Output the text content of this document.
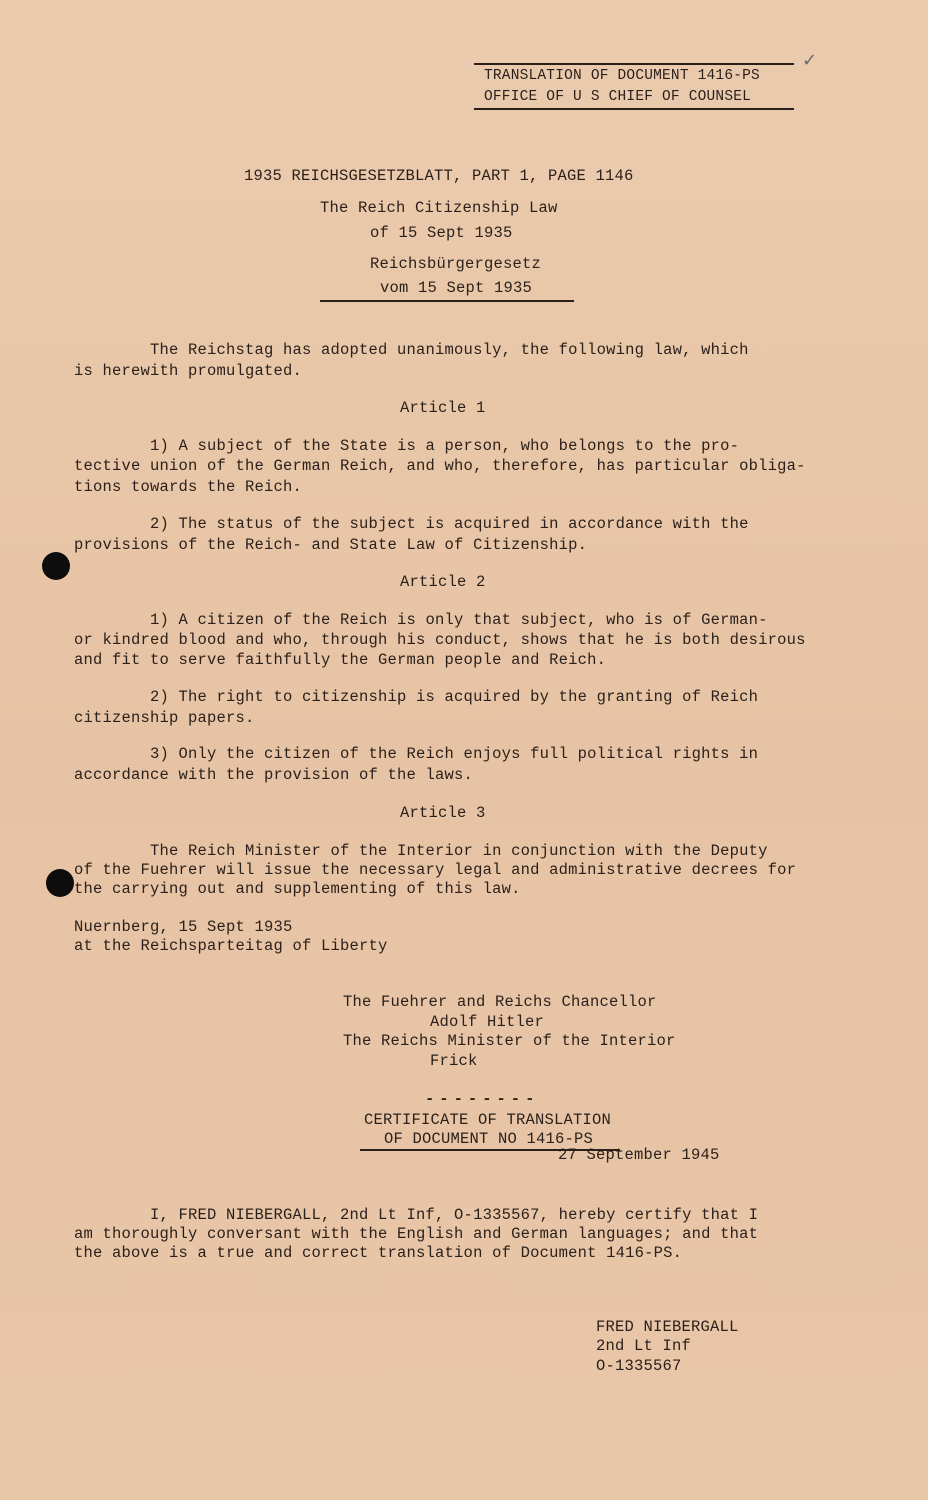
TRANSLATION OF DOCUMENT 1416-PS
OFFICE OF U S CHIEF OF COUNSEL
✓
1935 REICHSGESETZBLATT, PART 1, PAGE 1146
The Reich Citizenship Law
of 15 Sept 1935
Reichsbürgergesetz
vom 15 Sept 1935
The Reichstag has adopted unanimously, the following law, which
is herewith promulgated.
Article 1
1) A subject of the State is a person, who belongs to the pro-
tective union of the German Reich, and who, therefore, has particular obliga-
tions towards the Reich.
2) The status of the subject is acquired in accordance with the
provisions of the Reich- and State Law of Citizenship.
Article 2
1) A citizen of the Reich is only that subject, who is of German-
or kindred blood and who, through his conduct, shows that he is both desirous
and fit to serve faithfully the German people and Reich.
2) The right to citizenship is acquired by the granting of Reich
citizenship papers.
3) Only the citizen of the Reich enjoys full political rights in
accordance with the provision of the laws.
Article 3
The Reich Minister of the Interior in conjunction with the Deputy
of the Fuehrer will issue the necessary legal and administrative decrees for
the carrying out and supplementing of this law.
Nuernberg, 15 Sept 1935
at the Reichsparteitag of Liberty
The Fuehrer and Reichs Chancellor
Adolf Hitler
The Reichs Minister of the Interior
Frick
--------
CERTIFICATE OF TRANSLATION
OF DOCUMENT NO 1416-PS
27 September 1945
I, FRED NIEBERGALL, 2nd Lt Inf, O-1335567, hereby certify that I
am thoroughly conversant with the English and German languages; and that
the above is a true and correct translation of Document 1416-PS.
FRED NIEBERGALL
2nd Lt Inf
O-1335567
